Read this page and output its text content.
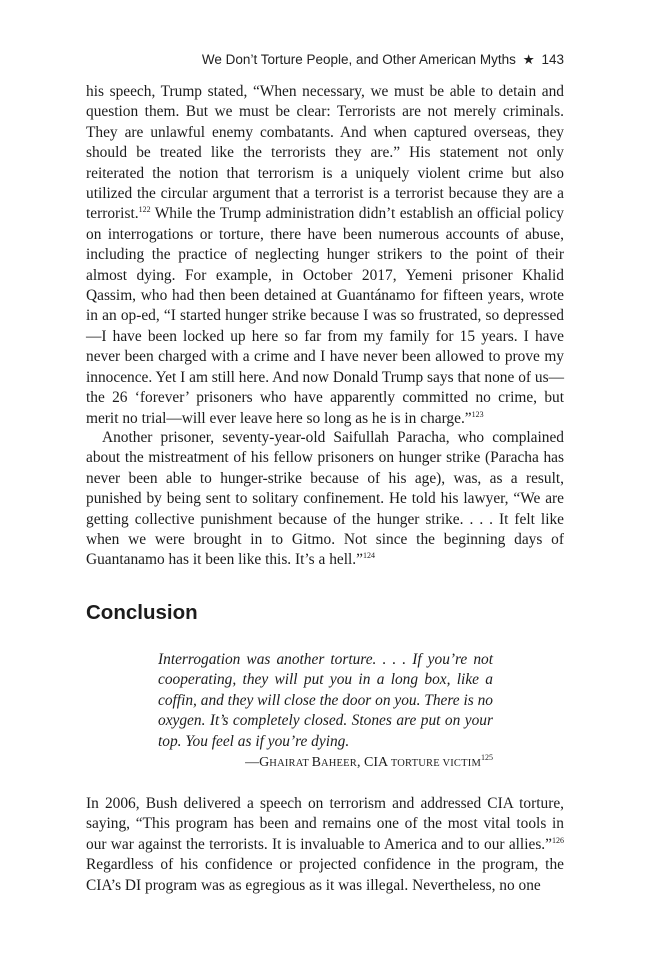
We Don’t Torture People, and Other American Myths ★ 143

his speech, Trump stated, “When necessary, we must be able to detain and question them. But we must be clear: Terrorists are not merely criminals. They are unlawful enemy combatants. And when captured overseas, they should be treated like the terrorists they are.” His statement not only reiterated the notion that terrorism is a uniquely violent crime but also utilized the circular argument that a terrorist is a terrorist because they are a terrorist.$^{122}$ While the Trump administration didn’t establish an official policy on interrogations or torture, there have been numerous accounts of abuse, including the practice of neglecting hunger strikers to the point of their almost dying. For example, in October 2017, Yemeni prisoner Khalid Qassim, who had then been detained at Guantánamo for fifteen years, wrote in an op-ed, “I started hunger strike because I was so frustrated, so depressed—I have been locked up here so far from my family for 15 years. I have never been charged with a crime and I have never been allowed to prove my innocence. Yet I am still here. And now Donald Trump says that none of us—the 26 ‘forever’ prisoners who have apparently committed no crime, but merit no trial—will ever leave here so long as he is in charge.”$^{123}$

Another prisoner, seventy-year-old Saifullah Paracha, who complained about the mistreatment of his fellow prisoners on hunger strike (Paracha has never been able to hunger-strike because of his age), was, as a result, punished by being sent to solitary confinement. He told his lawyer, “We are getting collective punishment because of the hunger strike. . . . It felt like when we were brought in to Gitmo. Not since the beginning days of Guantanamo has it been like this. It’s a hell.”$^{124}$

Conclusion

Interrogation was another torture. . . . If you’re not cooperating, they will put you in a long box, like a coffin, and they will close the door on you. There is no oxygen. It’s completely closed. Stones are put on your top. You feel as if you’re dying.

—GHAIRAT BAHEER, CIA TORTURE VICTIM$^{125}$

In 2006, Bush delivered a speech on terrorism and addressed CIA torture, saying, “This program has been and remains one of the most vital tools in our war against the terrorists. It is invaluable to America and to our allies.”$^{126}$ Regardless of his confidence or projected confidence in the program, the CIA’s DI program was as egregious as it was illegal. Nevertheless, no one
